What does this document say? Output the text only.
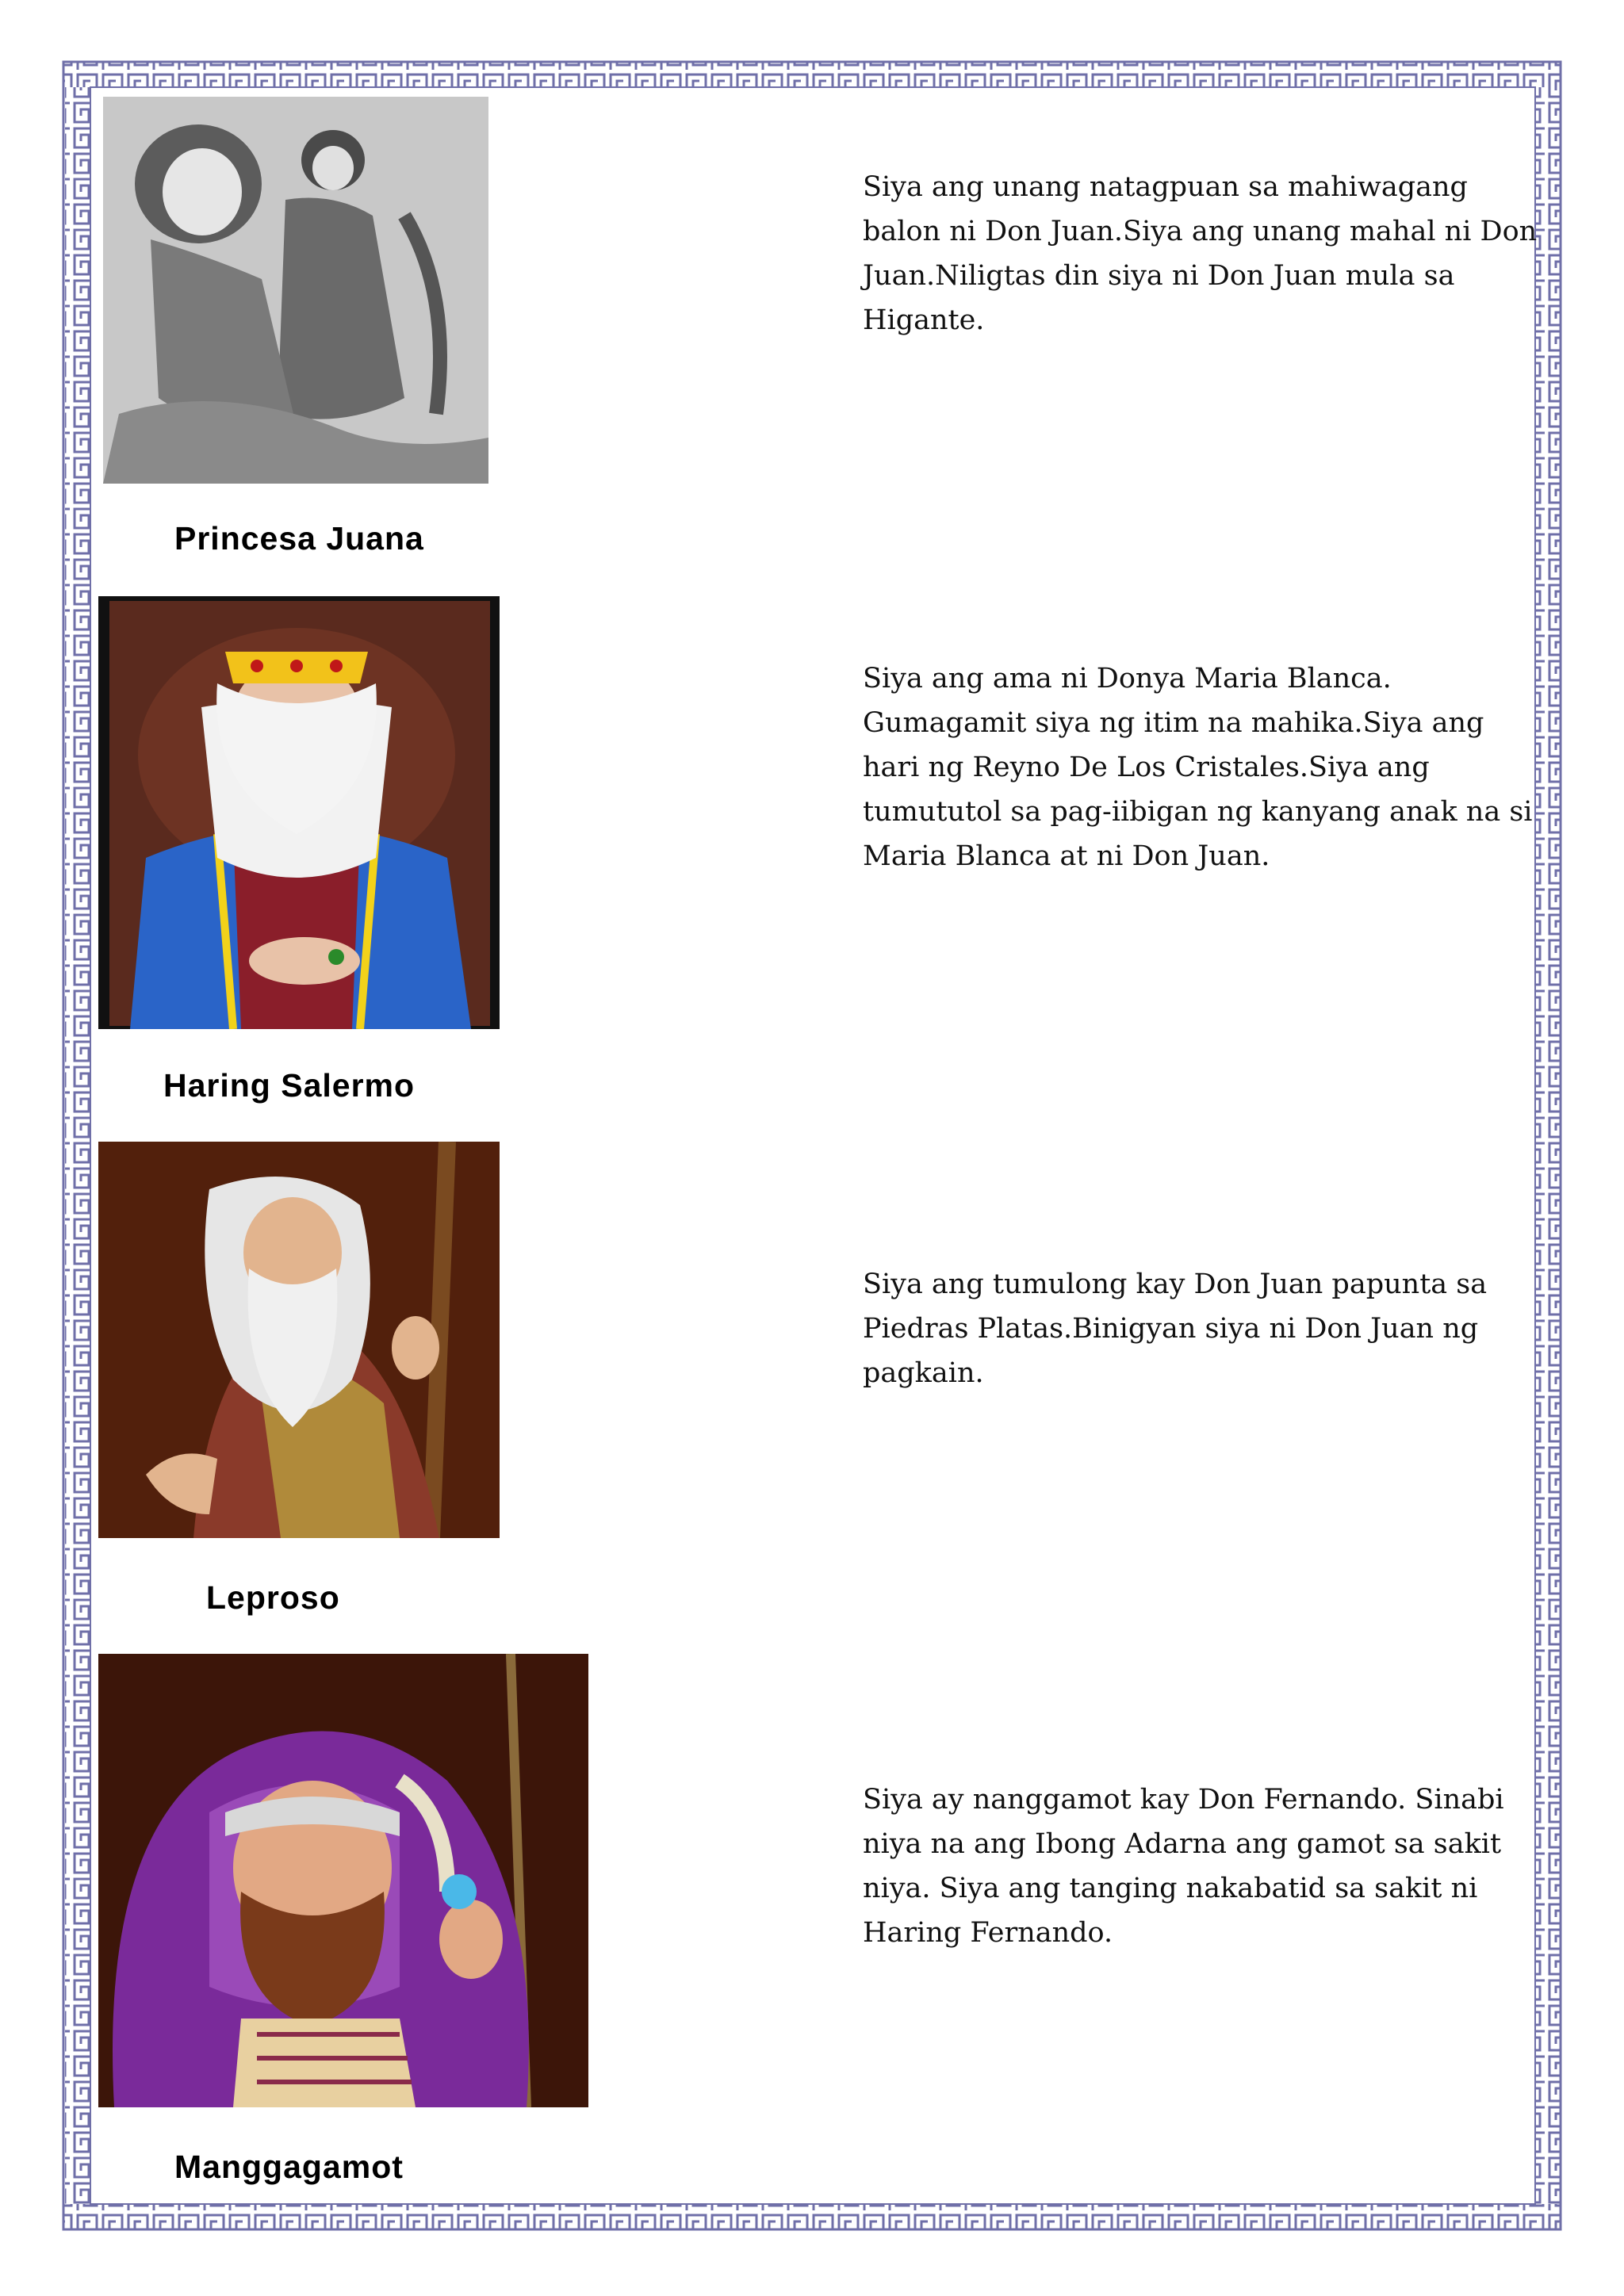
Princesa Juana
Siya ang unang natagpuan sa mahiwagang balon ni Don Juan.Siya ang unang mahal ni Don Juan.Niligtas din siya ni Don Juan mula sa Higante.
Haring Salermo
Siya ang ama ni Donya Maria Blanca. Gumagamit siya ng itim na mahika.Siya ang hari ng Reyno De Los Cristales.Siya ang tumututol sa pag-iibigan ng kanyang anak na si Maria Blanca at ni Don Juan.
Leproso
Siya ang tumulong kay Don Juan papunta sa Piedras Platas.Binigyan siya ni Don Juan ng pagkain.
Manggagamot
Siya ay nanggamot kay Don Fernando. Sinabi niya na ang Ibong Adarna ang gamot sa sakit niya. Siya ang tanging nakabatid sa sakit ni Haring Fernando.
